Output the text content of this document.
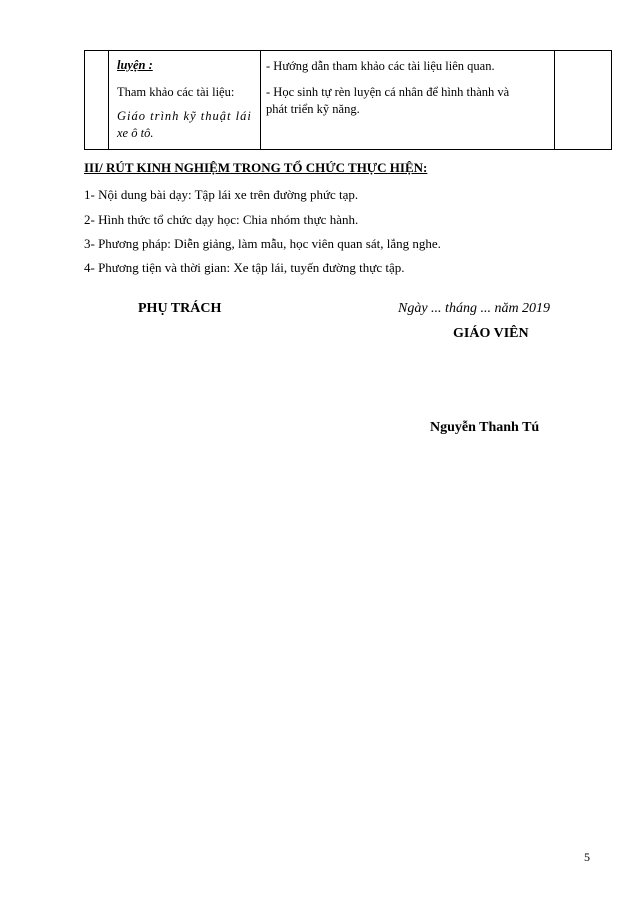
luyện :
Tham khảo các tài liệu:
Giáo trình kỹ thuật lái
xe ô tô.
- Hướng dẫn tham khảo các tài liệu liên quan.
- Học sinh tự rèn luyện cá nhân để hình thành và
phát triển kỹ năng.
III/ RÚT KINH NGHIỆM TRONG TỔ CHỨC THỰC HIỆN:
1- Nội dung bài dạy: Tập lái xe trên đường phức tạp.
2- Hình thức tổ chức dạy học: Chia nhóm thực hành.
3- Phương pháp: Diễn giảng, làm mẫu, học viên quan sát, lắng nghe.
4- Phương tiện và thời gian: Xe tập lái, tuyến đường thực tập.
PHỤ TRÁCH	Ngày ... tháng ... năm 2019
GIÁO VIÊN
Nguyễn Thanh Tú
5
